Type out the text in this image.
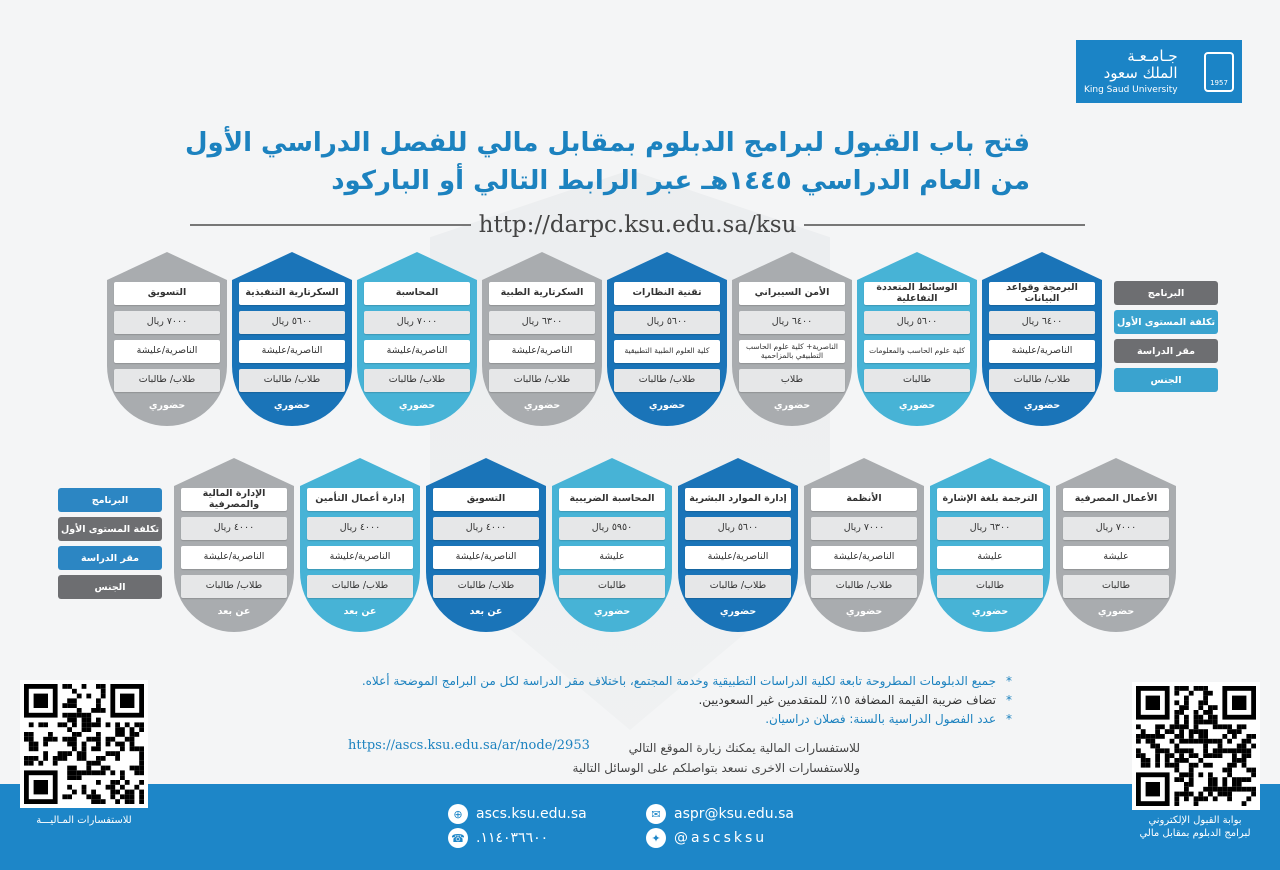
جـامـعـة
الملك سعود
King Saud University
1957
فتح باب القبول لبرامج الدبلوم بمقابل مالي للفصل الدراسي الأول
من العام الدراسي ١٤٤٥هـ عبر الرابط التالي أو الباركود
http://darpc.ksu.edu.sa/ksu
البرنامج
تكلفة المستوى الأول
مقر الدراسة
الجنس
البرنامج
تكلفة المستوى الأول
مقر الدراسة
الجنس
البرمجة وقواعد البيانات
٦٤٠٠ ريال
الناصرية/عليشة
طلاب/ طالبات
حضوري
الوسائط المتعددة التفاعلية
٥٦٠٠ ريال
كلية علوم الحاسب والمعلومات
طالبات
حضوري
الأمن السيبراني
٦٤٠٠ ريال
الناصرية+ كلية علوم الحاسب التطبيقي بالمزاحمية
طلاب
حضوري
تقنية النظارات
٥٦٠٠ ريال
كلية العلوم الطبية التطبيقية
طلاب/ طالبات
حضوري
السكرتارية الطبية
٦٣٠٠ ريال
الناصرية/عليشة
طلاب/ طالبات
حضوري
المحاسبة
٧٠٠٠ ريال
الناصرية/عليشة
طلاب/ طالبات
حضوري
السكرتارية التنفيذية
٥٦٠٠ ريال
الناصرية/عليشة
طلاب/ طالبات
حضوري
التسويق
٧٠٠٠ ريال
الناصرية/عليشة
طلاب/ طالبات
حضوري
الأعمال المصرفية
٧٠٠٠ ريال
عليشة
طالبات
حضوري
الترجمة بلغة الإشارة
٦٣٠٠ ريال
عليشة
طالبات
حضوري
الأنظمة
٧٠٠٠ ريال
الناصرية/عليشة
طلاب/ طالبات
حضوري
إدارة الموارد البشرية
٥٦٠٠ ريال
الناصرية/عليشة
طلاب/ طالبات
حضوري
المحاسبة الضريبية
٥٩٥٠ ريال
عليشة
طالبات
حضوري
التسويق
٤٠٠٠ ريال
الناصرية/عليشة
طلاب/ طالبات
عن بعد
إدارة أعمال التأمين
٤٠٠٠ ريال
الناصرية/عليشة
طلاب/ طالبات
عن بعد
الإدارة المالية والمصرفية
٤٠٠٠ ريال
الناصرية/عليشة
طلاب/ طالبات
عن بعد
*جميع الدبلومات المطروحة تابعة لكلية الدراسات التطبيقية وخدمة المجتمع، باختلاف مقر الدراسة لكل من البرامج الموضحة أعلاه.
*تضاف ضريبة القيمة المضافة ١٥٪ للمتقدمين غير السعوديين.
*عدد الفصول الدراسية بالسنة: فصلان دراسيان.
للاستفسارات المالية يمكنك زيارة الموقع التالي
وللاستفسارات الاخرى نسعد بتواصلكم على الوسائل التالية
https://ascs.ksu.edu.sa/ar/node/2953
⊕ ascs.ksu.edu.sa
☎ .١١٤٠٣٦٦٠٠
✉ aspr@ksu.edu.sa
✦ @ascsksu
للاستفسارات المـاليـــة	بوابة القبول الإلكتروني
لبرامج الدبلوم بمقابل مالي
